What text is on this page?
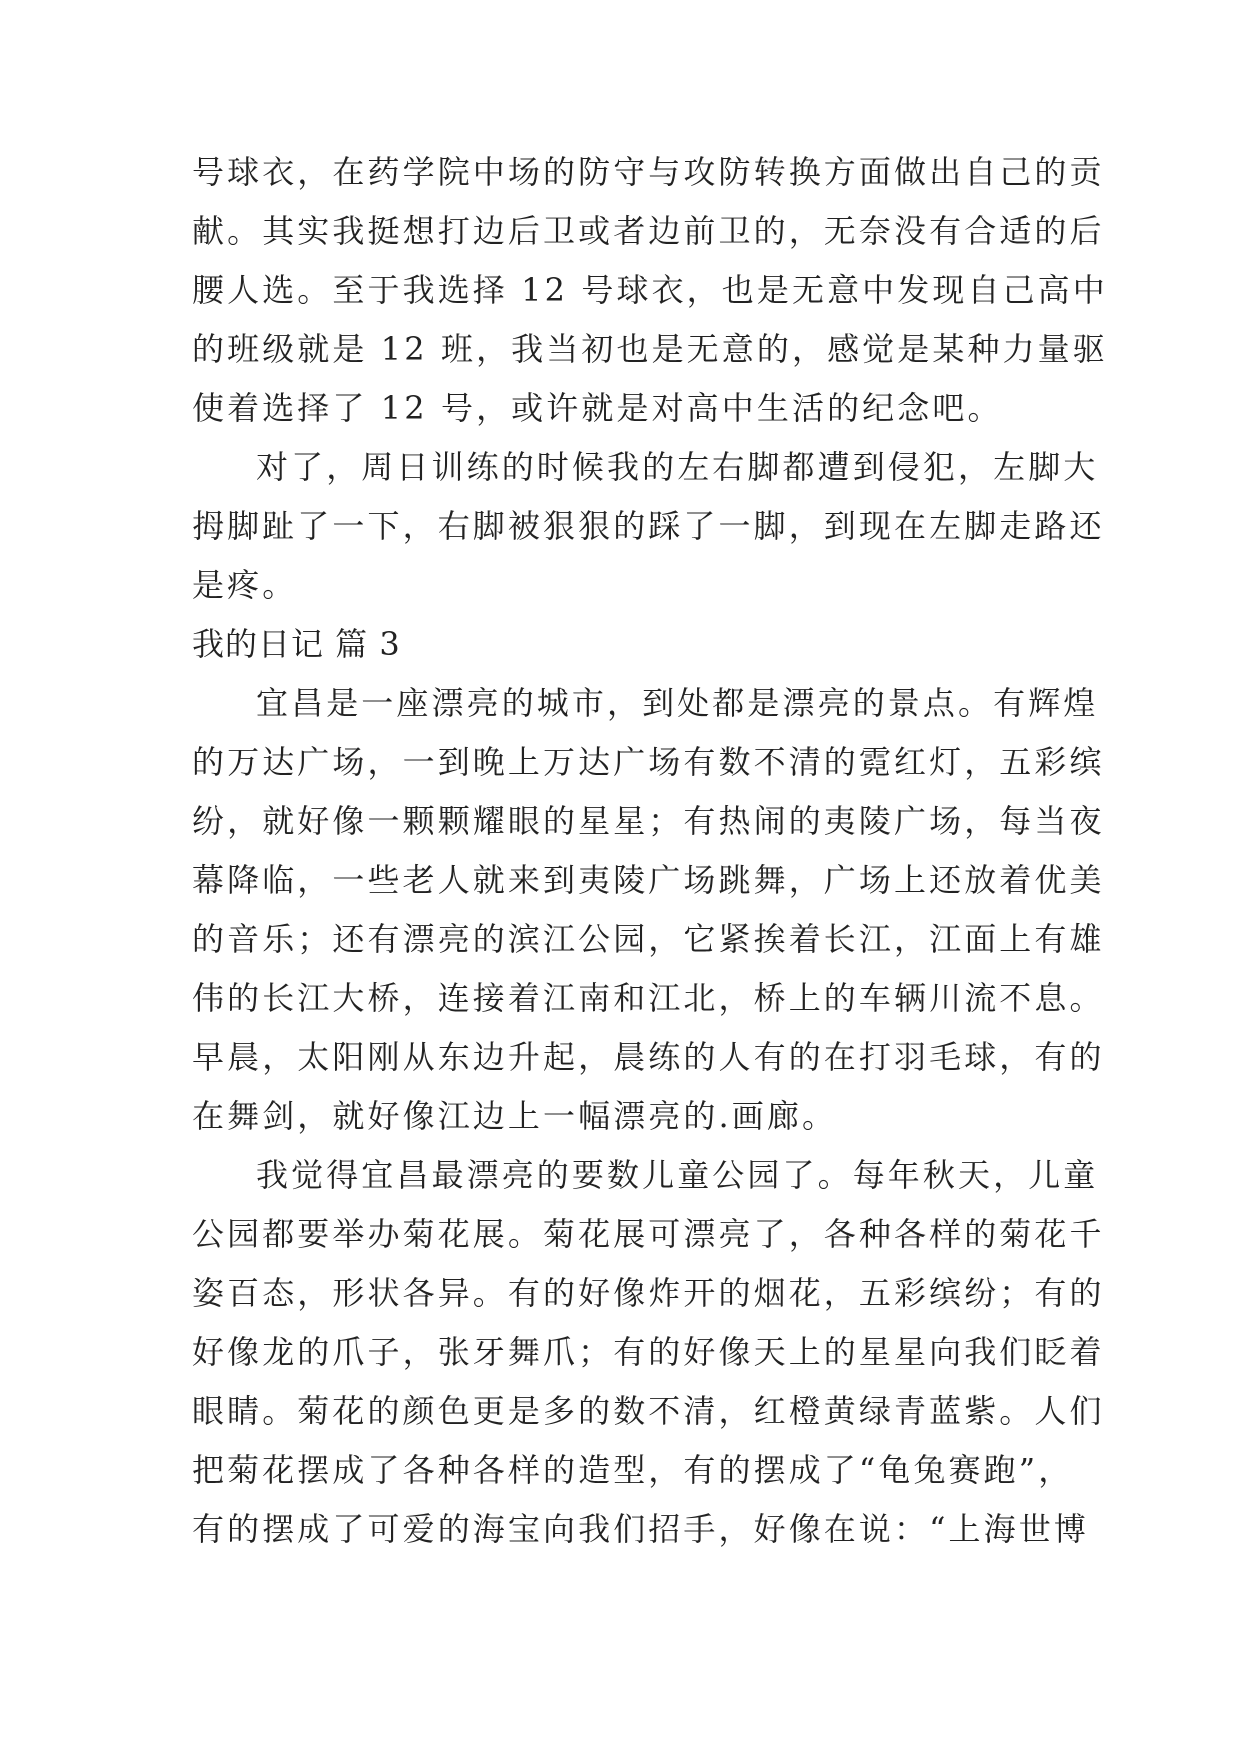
号球衣，在药学院中场的防守与攻防转换方面做出自己的贡

献。其实我挺想打边后卫或者边前卫的，无奈没有合适的后

腰人选。至于我选择 12 号球衣，也是无意中发现自己高中

的班级就是 12 班，我当初也是无意的，感觉是某种力量驱

使着选择了 12 号，或许就是对高中生活的纪念吧。

对了，周日训练的时候我的左右脚都遭到侵犯，左脚大

拇脚趾了一下，右脚被狠狠的踩了一脚，到现在左脚走路还

是疼。

我的日记 篇 3

宜昌是一座漂亮的城市，到处都是漂亮的景点。有辉煌

的万达广场，一到晚上万达广场有数不清的霓红灯，五彩缤

纷，就好像一颗颗耀眼的星星；有热闹的夷陵广场，每当夜

幕降临，一些老人就来到夷陵广场跳舞，广场上还放着优美

的音乐；还有漂亮的滨江公园，它紧挨着长江，江面上有雄

伟的长江大桥，连接着江南和江北，桥上的车辆川流不息。

早晨，太阳刚从东边升起，晨练的人有的在打羽毛球，有的

在舞剑，就好像江边上一幅漂亮的.画廊。

我觉得宜昌最漂亮的要数儿童公园了。每年秋天，儿童

公园都要举办菊花展。菊花展可漂亮了，各种各样的菊花千

姿百态，形状各异。有的好像炸开的烟花，五彩缤纷；有的

好像龙的爪子，张牙舞爪；有的好像天上的星星向我们眨着

眼睛。菊花的颜色更是多的数不清，红橙黄绿青蓝紫。人们

把菊花摆成了各种各样的造型，有的摆成了“龟兔赛跑”，

有的摆成了可爱的海宝向我们招手，好像在说：“上海世博
